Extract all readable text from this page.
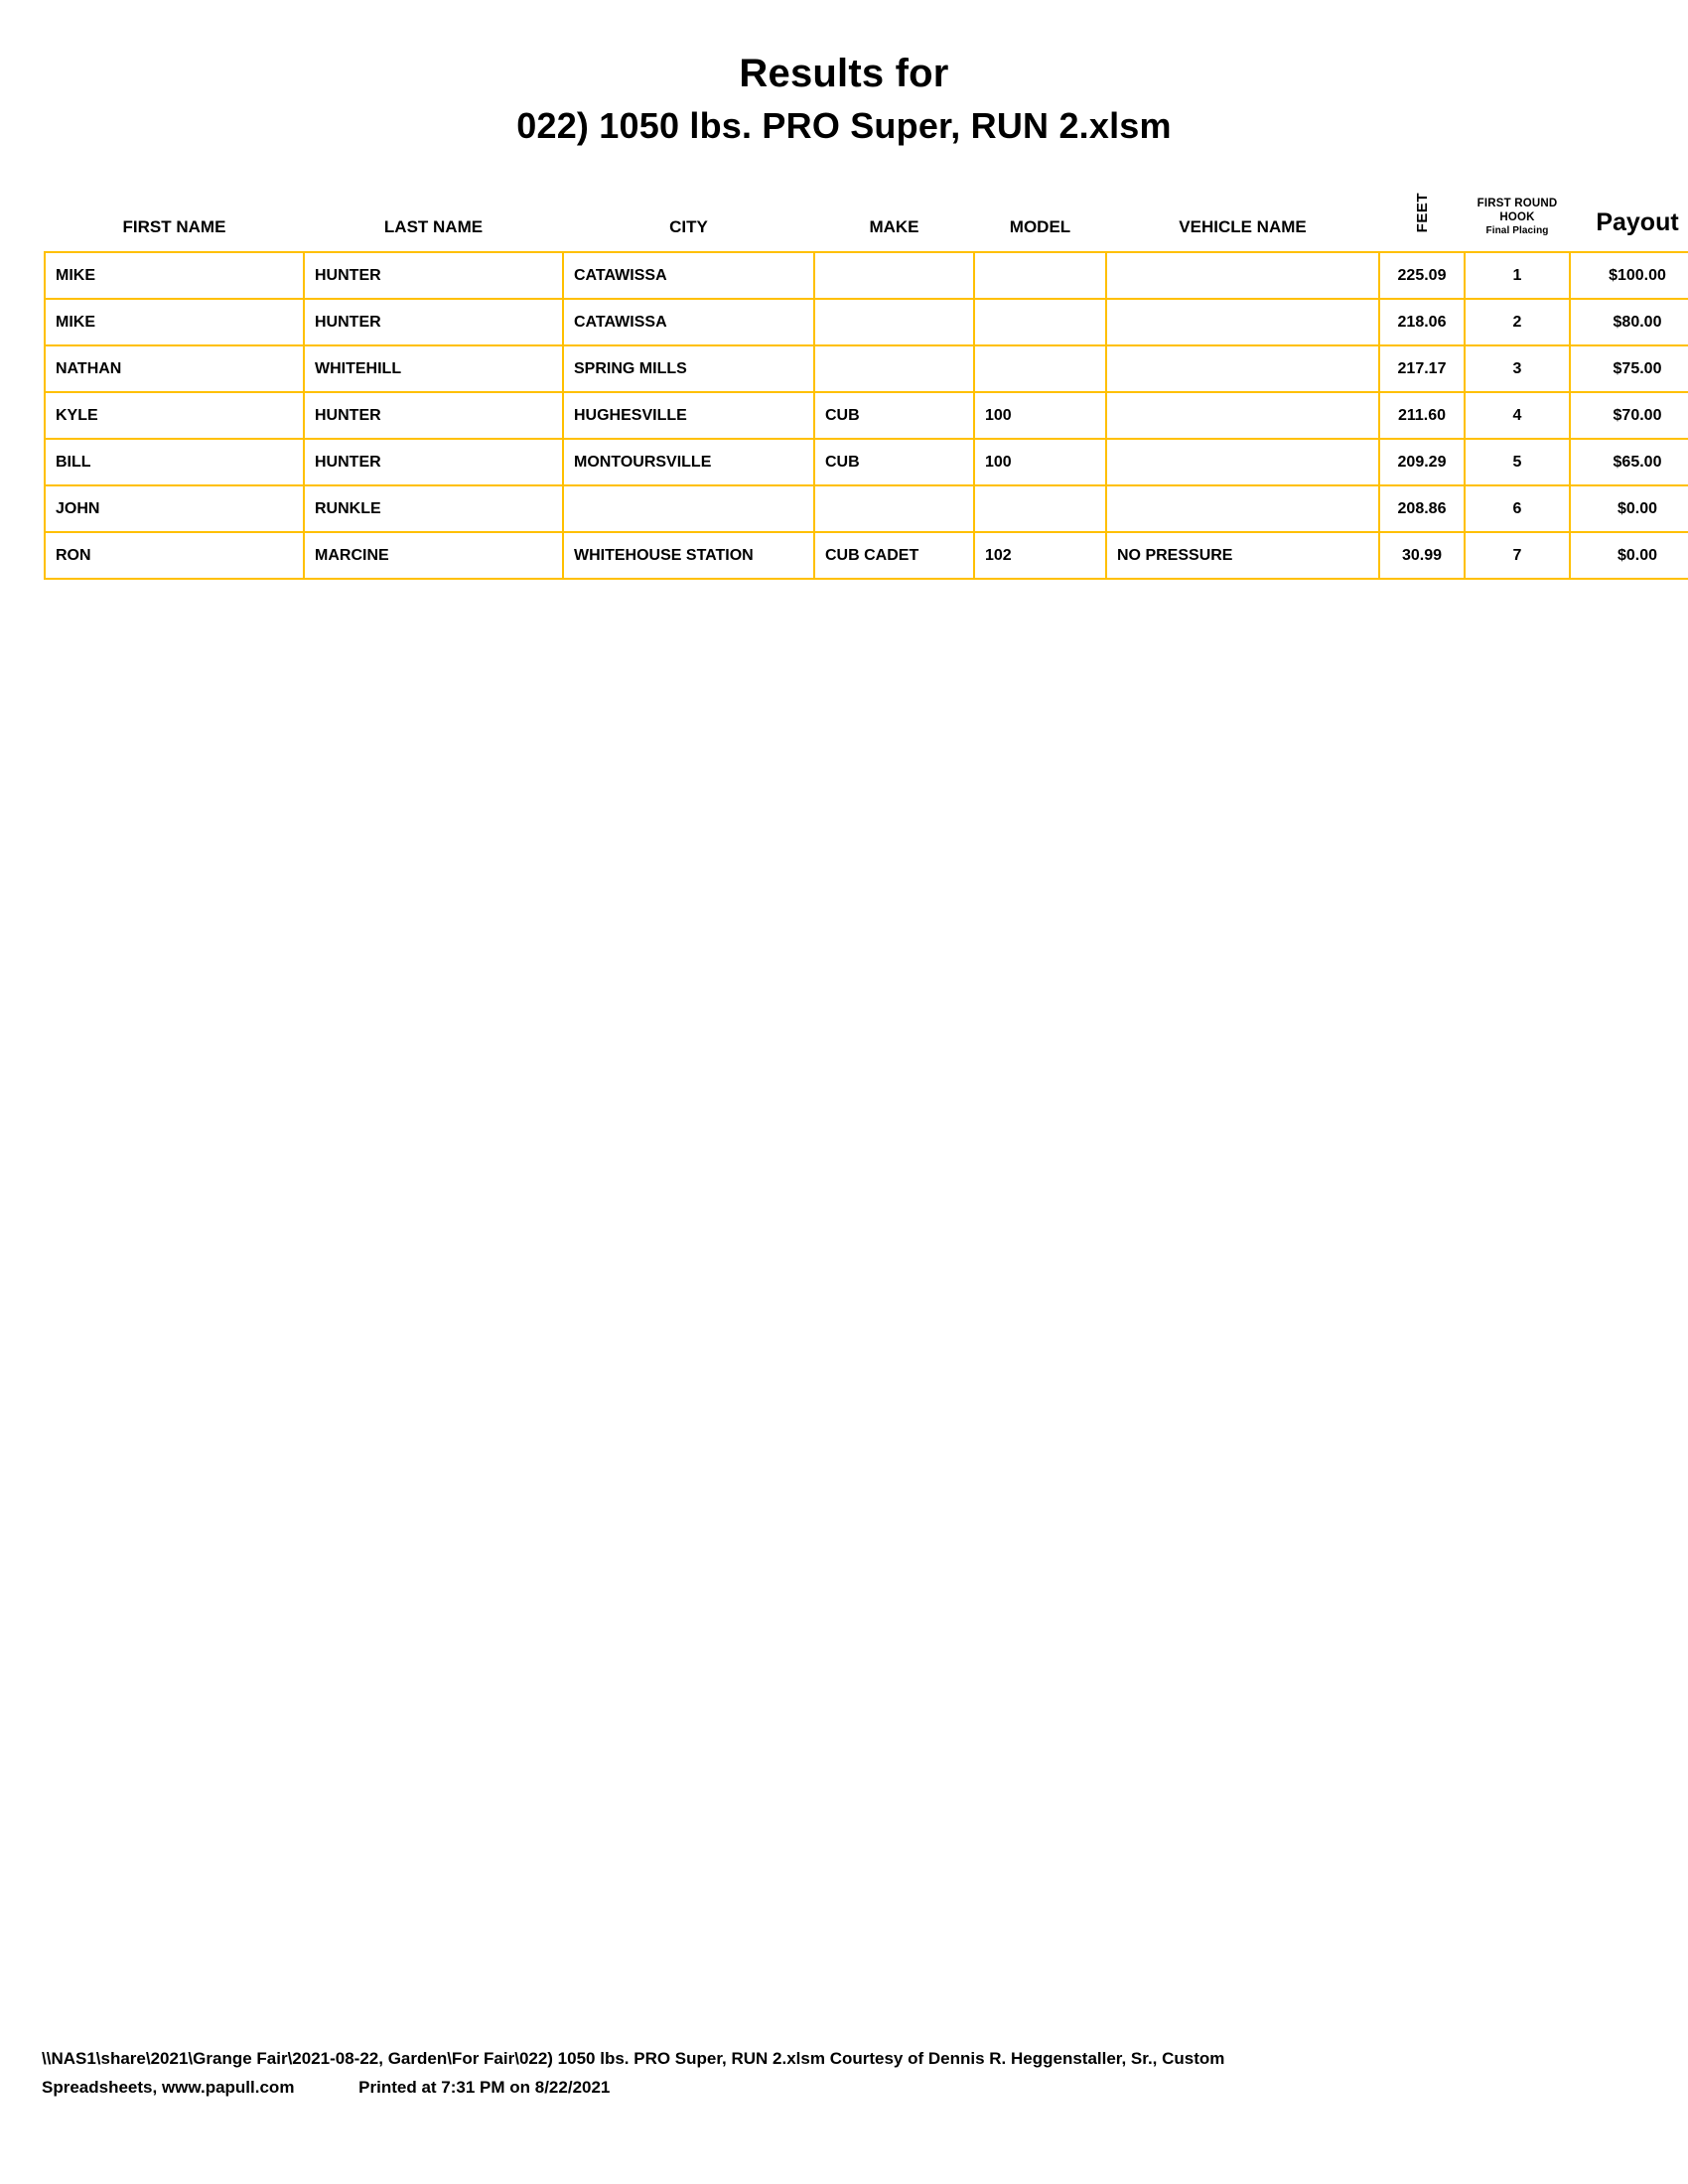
Results for
022) 1050 lbs. PRO Super, RUN 2.xlsm
FIRST NAME	LAST NAME	CITY	MAKE	MODEL	VEHICLE NAME	FEET	FIRST ROUND
HOOK
Final Placing	Payout
MIKE	HUNTER	CATAWISSA				225.09	1	$100.00
MIKE	HUNTER	CATAWISSA				218.06	2	$80.00
NATHAN	WHITEHILL	SPRING MILLS				217.17	3	$75.00
KYLE	HUNTER	HUGHESVILLE	CUB	100		211.60	4	$70.00
BILL	HUNTER	MONTOURSVILLE	CUB	100		209.29	5	$65.00
JOHN	RUNKLE					208.86	6	$0.00
RON	MARCINE	WHITEHOUSE STATION	CUB CADET	102	NO PRESSURE	30.99	7	$0.00
\\NAS1\share\2021\Grange Fair\2021-08-22, Garden\For Fair\022) 1050 lbs. PRO Super, RUN 2.xlsm Courtesy of Dennis R. Heggenstaller, Sr., Custom
Spreadsheets, www.papull.com	Printed at 7:31 PM on 8/22/2021
